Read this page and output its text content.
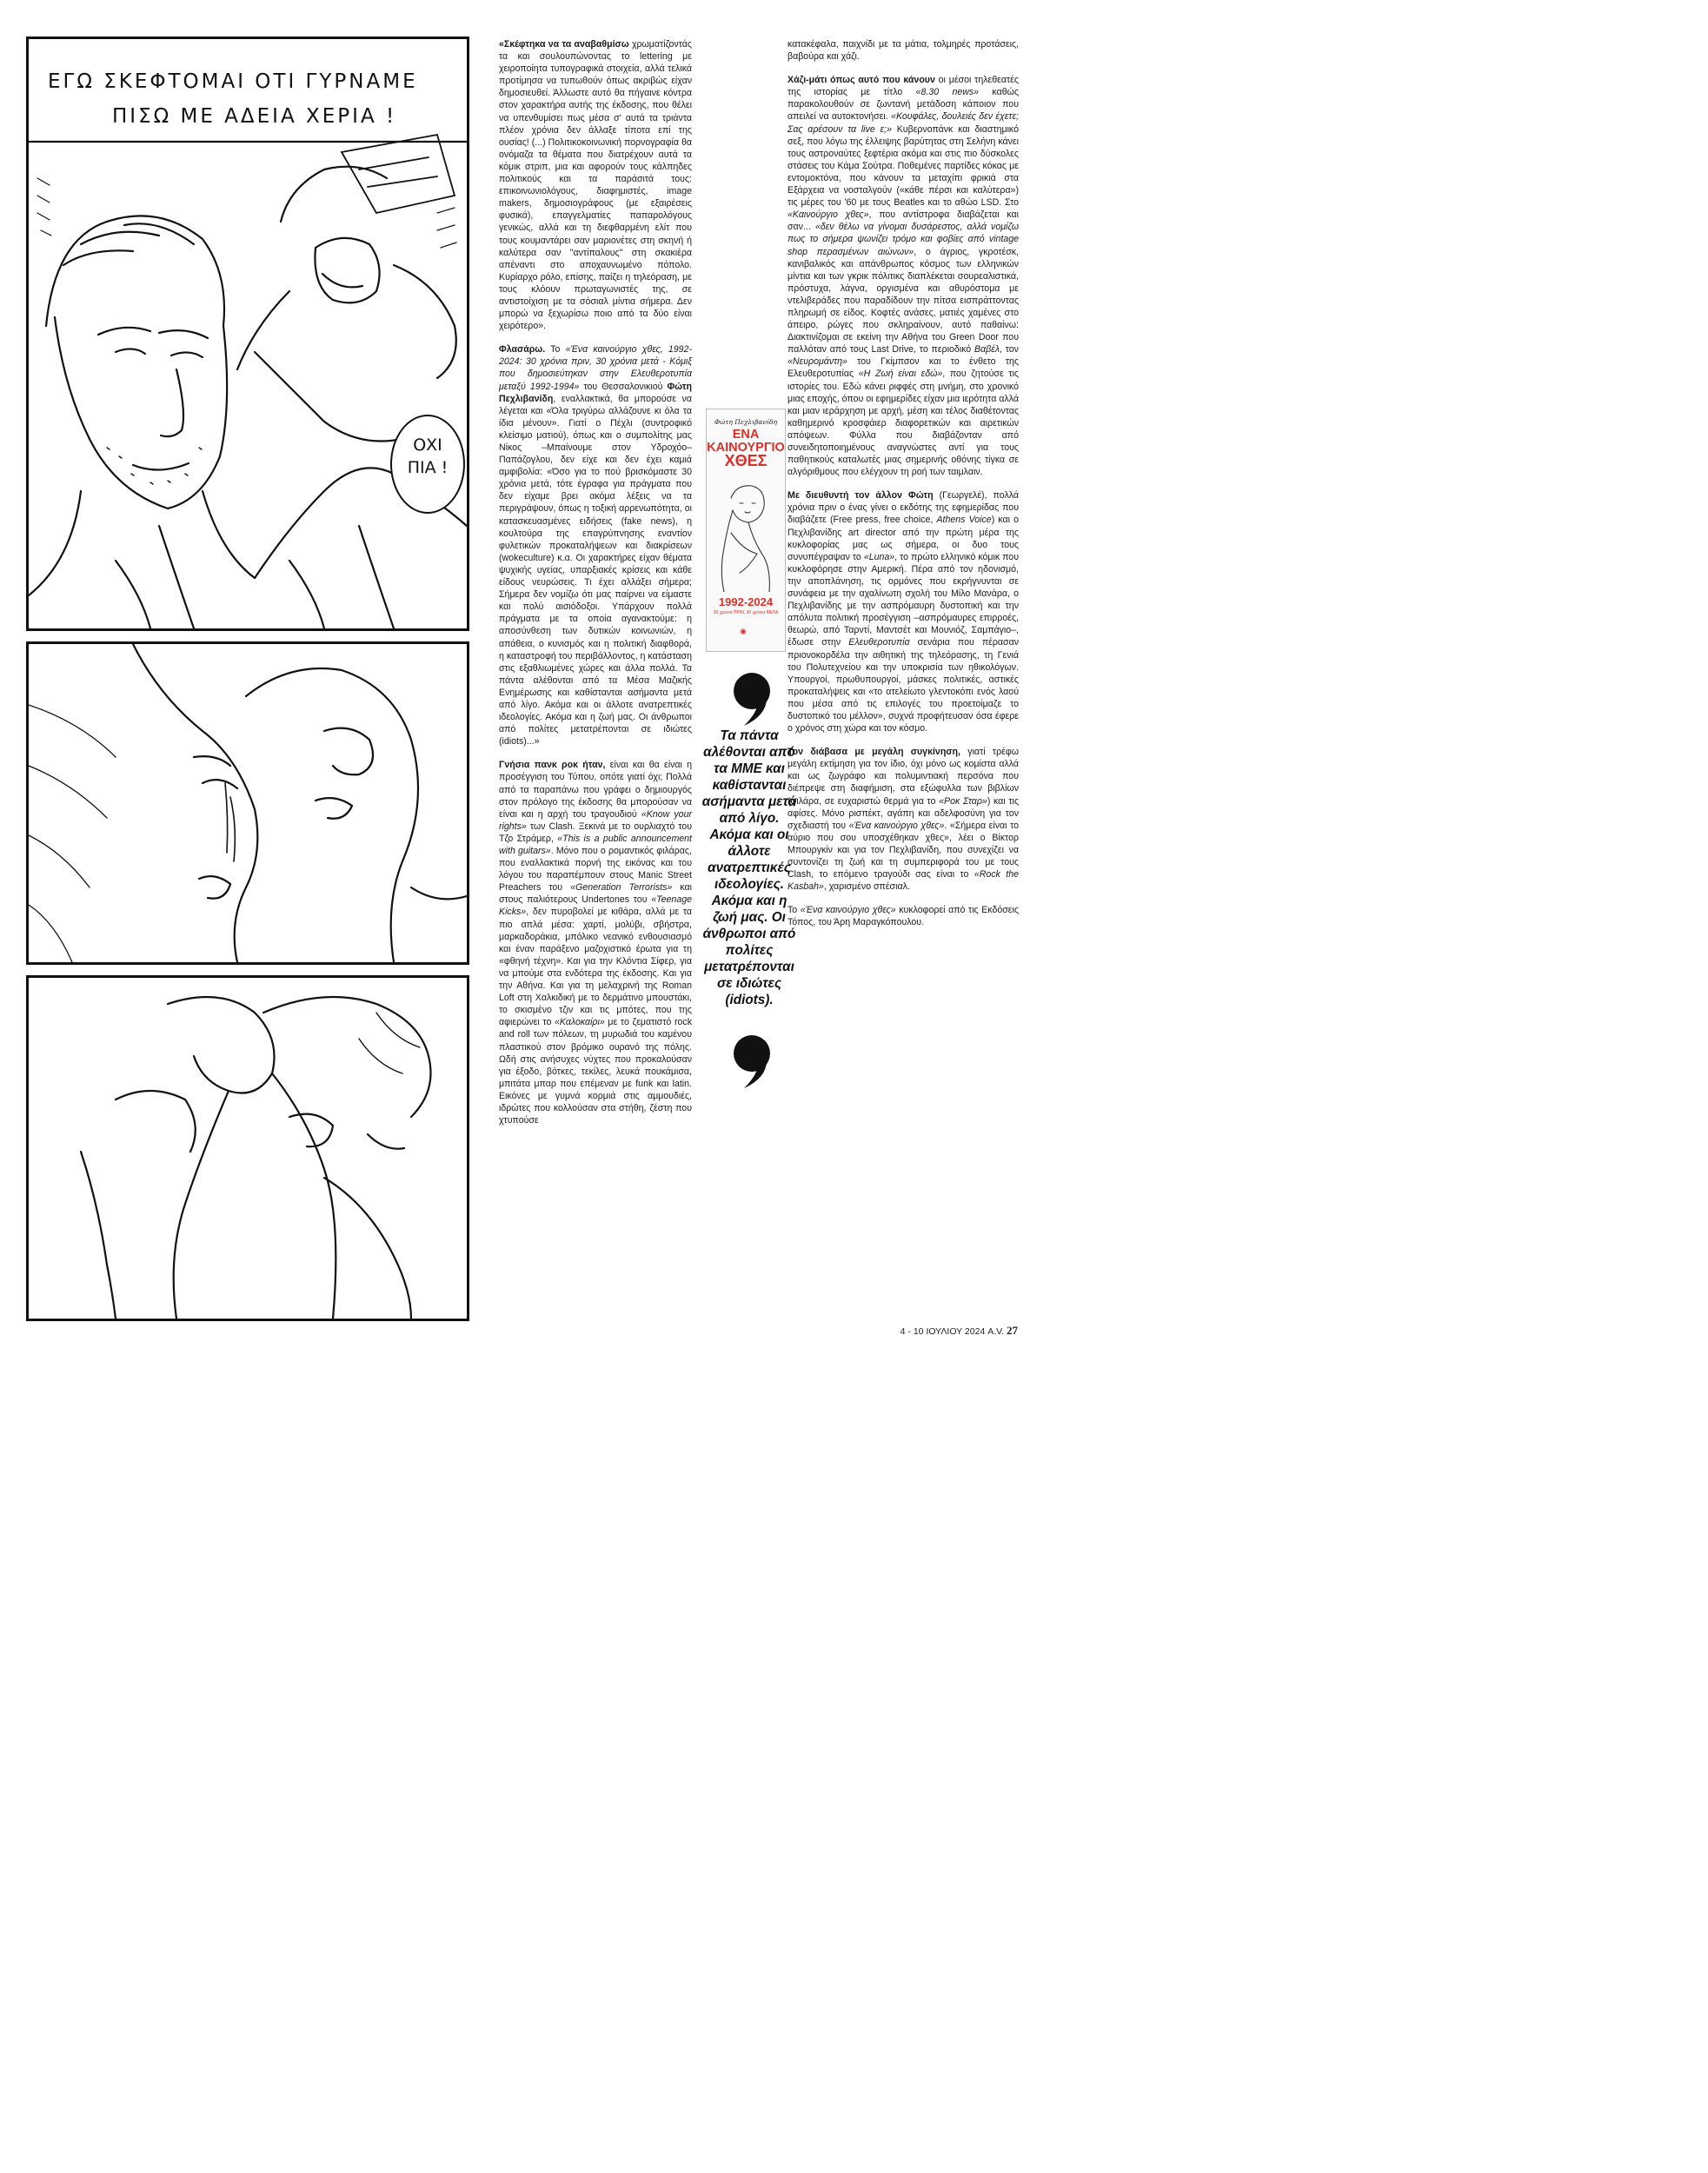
ΕΓΩ ΣΚΕΦΤΟΜΑΙ ΟΤΙ ΓΥΡΝΑΜΕ
ΠΙΣΩ ΜΕ ΑΔΕΙΑ ΧΕΡΙΑ !
ΟΧΙ
ΠΙΑ !

«Σκέφτηκα να τα αναβαθμίσω χρωματίζοντάς τα και σουλουπώνοντας το lettering με χειροποίητα τυπογραφικά στοιχεία, αλλά τελικά προτίμησα να τυπωθούν όπως ακριβώς είχαν δημοσιευθεί. Άλλωστε αυτό θα πήγαινε κόντρα στον χαρακτήρα αυτής της έκδοσης, που θέλει να υπενθυμίσει πως μέσα σ' αυτά τα τριάντα πλέον χρόνια δεν άλλαξε τίποτα επί της ουσίας! (...) Πολιτικοκοινωνική πορνογραφία θα ονόμαζα τα θέματα που διατρέχουν αυτά τα κόμικ στριπ, μια και αφορούν τους κάλπηδες πολιτικούς και τα παράσιτά τους: επικοινωνιολόγους, διαφημιστές, image makers, δημοσιογράφους (με εξαιρέσεις φυσικά), επαγγελματίες παπαρολόγους γενικώς, αλλά και τη διεφθαρμένη ελίτ που τους κουμαντάρει σαν μαριονέτες στη σκηνή ή καλύτερα σαν "αντίπαλους" στη σκακιέρα απέναντι στο αποχαυνωμένο πόπολο. Κυρίαρχο ρόλο, επίσης, παίζει η τηλεόραση, με τους κλόουν πρωταγωνιστές της, σε αντιστοίχιση με τα σόσιαλ μίντια σήμερα. Δεν μπορώ να ξεχωρίσω ποιο από τα δύο είναι χειρότερο».

Φλασάρω. Το «Ένα καινούργιο χθες, 1992-2024: 30 χρόνια πριν, 30 χρόνια μετά - Κόμιξ που δημοσιεύτηκαν στην Ελευθεροτυπία μεταξύ 1992-1994» του Θεσσαλονικιού Φώτη Πεχλιβανίδη, εναλλακτικά, θα μπορούσε να λέγεται και «Όλα τριγύρω αλλάζουνε κι όλα τα ίδια μένουν». Γιατί ο Πέχλι (συντροφικό κλείσιμο ματιού), όπως και ο συμπολίτης μας Νίκος –Μπαίνουμε στον Υδροχόο– Παπάζογλου, δεν είχε και δεν έχει καμιά αμφιβολία: «Όσο για το πού βρισκόμαστε 30 χρόνια μετά, τότε έγραφα για πράγματα που δεν είχαμε βρει ακόμα λέξεις να τα περιγράψουν, όπως η τοξική αρρενωπότητα, οι κατασκευασμένες ειδήσεις (fake news), η κουλτούρα της επαγρύπνησης εναντίον φυλετικών προκαταλήψεων και διακρίσεων (wokeculture) κ.α. Οι χαρακτήρες είχαν θέματα ψυχικής υγείας, υπαρξιακές κρίσεις και κάθε είδους νευρώσεις. Τι έχει αλλάξει σήμερα; Σήμερα δεν νομίζω ότι μας παίρνει να είμαστε και πολύ αισιόδοξοι. Υπάρχουν πολλά πράγματα με τα οποία αγανακτούμε: η αποσύνθεση των δυτικών κοινωνιών, η απάθεια, ο κυνισμός και η πολιτική διαφθορά, η καταστροφή του περιβάλλοντος, η κατάσταση στις εξαθλιωμένες χώρες και άλλα πολλά. Τα πάντα αλέθονται από τα Μέσα Μαζικής Ενημέρωσης και καθίστανται ασήμαντα μετά από λίγο. Ακόμα και οι άλλοτε ανατρεπτικές ιδεολογίες. Ακόμα και η ζωή μας. Οι άνθρωποι από πολίτες μετατρέπονται σε ιδιώτες (idiots)...»

Γνήσια πανκ ροκ ήταν, είναι και θα είναι η προσέγγιση του Τύπου, οπότε γιατί όχι; Πολλά από τα παραπάνω που γράφει ο δημιουργός στον πρόλογο της έκδοσης θα μπορούσαν να είναι και η αρχή του τραγουδιού «Know your rights» των Clash. Ξεκινά με το ουρλιαχτό του Τζο Στράμερ, «This is a public announcement with guitars». Μόνο που ο ρομαντικός φιλάρας, που εναλλακτικά πορνή της εικόνας και του λόγου του παραπέμπουν στους Manic Street Preachers του «Generation Terrorists» και στους παλιότερους Undertones του «Teenage Kicks», δεν πυροβολεί με κιθάρα, αλλά με τα πιο απλά μέσα: χαρτί, μολύβι, σβήστρα, μαρκαδοράκια, μπόλικο νεανικό ενθουσιασμό και έναν παράξενο μαζοχιστικό έρωτα για τη «φθηνή τέχνη». Και για την Κλόντια Σίφερ, για να μπούμε στα ενδότερα της έκδοσης. Και για την Αθήνα. Και για τη μελαχρινή της Roman Loft στη Χαλκιδική με το δερμάτινο μπουστάκι, το σκισμένο τζιν και τις μπότες, που της αφιερώνει το «Καλοκαίρι» με το ζεματιστό rock and roll των πόλεων, τη μυρωδιά του καμένου πλαστικού στον βρόμικο ουρανό της πόλης. Ωδή στις ανήσυχες νύχτες που προκαλούσαν για έξοδο, βότκες, τεκίλες, λευκά πουκάμισα, μπιτάτα μπαρ που επέμεναν με funk και latin. Εικόνες με γυμνά κορμιά στις αμμουδιές, ιδρώτες που κολλούσαν στα στήθη, ζέστη που χτυπούσε

κατακέφαλα, παιχνίδι με τα μάτια, τολμηρές προτάσεις, βαβούρα και χάζι.

Χάζι-μάτι όπως αυτό που κάνουν οι μέσοι τηλεθεατές της ιστορίας με τίτλο «8.30 news» καθώς παρακολουθούν σε ζωντανή μετάδοση κάποιον που απειλεί να αυτοκτονήσει. «Κουφάλες, δουλειές δεν έχετε; Σας αρέσουν τα live ε;» Κυβερνοπάνκ και διαστημικό σεξ, που λόγω της έλλειψης βαρύτητας στη Σελήνη κάνει τους αστροναύτες ξεφτέρια ακόμα και στις πιο δύσκολες στάσεις του Κάμα Σούτρα. Ποθεμένες παρτίδες κόκας με εντομοκτόνα, που κάνουν τα μεταχίπι φρικιά στα Εξάρχεια να νοσταλγούν («κάθε πέρσι και καλύτερα») τις μέρες του '60 με τους Beatles και το αθώο LSD. Στο «Καινούργιο χθες», που αντίστροφα διαβάζεται και σαν... «δεν θέλω να γίνομαι δυσάρεστος, αλλά νομίζω πως το σήμερα ψωνίζει τρόμο και φοβίες από vintage shop περασμένων αιώνων», ο άγριος, γκροτέσκ, κανιβαλικός και απάνθρωπος κόσμος των ελληνικών μίντια και των γκρικ πόλιτικς διαπλέκεται σουρεαλιστικά, πρόστυχα, λάγνα, οργισμένα και αθυρόστομα με ντελιβεράδες που παραδίδουν την πίτσα εισπράττοντας πληρωμή σε είδος. Κοφτές ανάσες, ματιές χαμένες στο άπειρο, ρώγες που σκληραίνουν, αυτό παθαίνω: Διακτινίζομαι σε εκείνη την Αθήνα του Green Door που παλλόταν από τους Last Drive, το περιοδικό Βαβέλ, τον «Νευρομάντη» του Γκίμπσον και το ένθετο της Ελευθεροτυπίας «Η Ζωή είναι εδώ», που ζητούσε τις ιστορίες του. Εδώ κάνει ριφφές στη μνήμη, στο χρονικό μιας εποχής, όπου οι εφημερίδες είχαν μια ιερότητα αλλά και μιαν ιεράρχηση με αρχή, μέση και τέλος διαθέτοντας καθημερινό κροσφάιερ διαφορετικών και αιρετικών απόψεων. Φύλλα που διαβάζονταν από συνειδητοποιημένους αναγνώστες αντί για τους παθητικούς καταλωτές μιας σημερινής οθόνης τίγκα σε αλγόριθμους που ελέγχουν τη ροή των ταιμλαιν.

Με διευθυντή τον άλλον Φώτη (Γεωργελέ), πολλά χρόνια πριν ο ένας γίνει ο εκδότης της εφημερίδας που διαβάζετε (Free press, free choice, Athens Voice) και ο Πεχλιβανίδης art director από την πρώτη μέρα της κυκλοφορίας μας ως σήμερα, οι δυο τους συνυπέγραψαν το «Luna», το πρώτο ελληνικό κόμικ που κυκλοφόρησε στην Αμερική. Πέρα από τον ηδονισμό, την αποπλάνηση, τις ορμόνες που εκρήγνυνται σε συνάφεια με την αχαλίνωτη σχολή του Μίλο Μανάρα, ο Πεχλιβανίδης με την ασπρόμαυρη δυστοπική και την απόλυτα πολιτική προσέγγιση –ασπρόμαυρες επιρροές, θεωρώ, από Ταρντί, Μαντσέτ και Μουνιόζ, Σαμπάγιο–, έδωσε στην Ελευθεροτυπία σενάρια που πέρασαν πριονοκορδέλα την αιθητική της τηλεόρασης, τη Γενιά του Πολυτεχνείου και την υποκρισία των ηθικολόγων. Υπουργοί, πρωθυπουργοί, μάσκες πολιτικές, αστικές προκαταλήψεις και «το ατελείωτο γλεντοκόπι ενός λαού που μέσα από τις επιλογές του προετοίμαζε το δυστοπικό του μέλλον», συχνά προφήτευσαν όσα έφερε ο χρόνος στη χώρα και τον κόσμο.

Τον διάβασα με μεγάλη συγκίνηση, γιατί τρέφω μεγάλη εκτίμηση για τον ίδιο, όχι μόνο ως κομίστα αλλά και ως ζωγράφο και πολυμιντιακή περσόνα που διέπρεψε στη διαφήμιση, στα εξώφυλλα των βιβλίων (φιλάρα, σε ευχαριστώ θερμά για το «Ροκ Σταρ») και τις αφίσες. Μόνο ρισπέκτ, αγάπη και αδελφοσύνη για τον σχεδιαστή του «Ένα καινούργιο χθες». «Σήμερα είναι το αύριο που σου υποσχέθηκαν χθες», λέει ο Βίκτορ Μπουργκίν και για τον Πεχλιβανίδη, που συνεχίζει να συντονίζει τη ζωή και τη συμπεριφορά του με τους Clash, το επόμενο τραγούδι σας είναι το «Rock the Kasbah», χαρισμένο σπέσιαλ.

Το «Ένα καινούργιο χθες» κυκλοφορεί από τις Εκδόσεις Τόπος, του Άρη Μαραγκόπουλου.

Φώτη Πεχλιβανίδη
ΕΝΑ
ΚΑΙΝΟΥΡΓΙΟ
ΧΘΕΣ
1992-2024
30 χρόνια ΠΡΙΝ, 30 χρόνια ΜΕΤΑ
◉
Τα πάντα αλέθονται από τα ΜΜΕ και καθίστανται ασήμαντα μετά από λίγο. Ακόμα και οι άλλοτε ανατρεπτικές ιδεολογίες. Ακόμα και η ζωή μας. Οι άνθρωποι από πολίτες μετατρέπονται σε ιδιώτες (idiots).
4 - 10 ΙΟΥΛΙΟΥ 2024 A.V. 27
